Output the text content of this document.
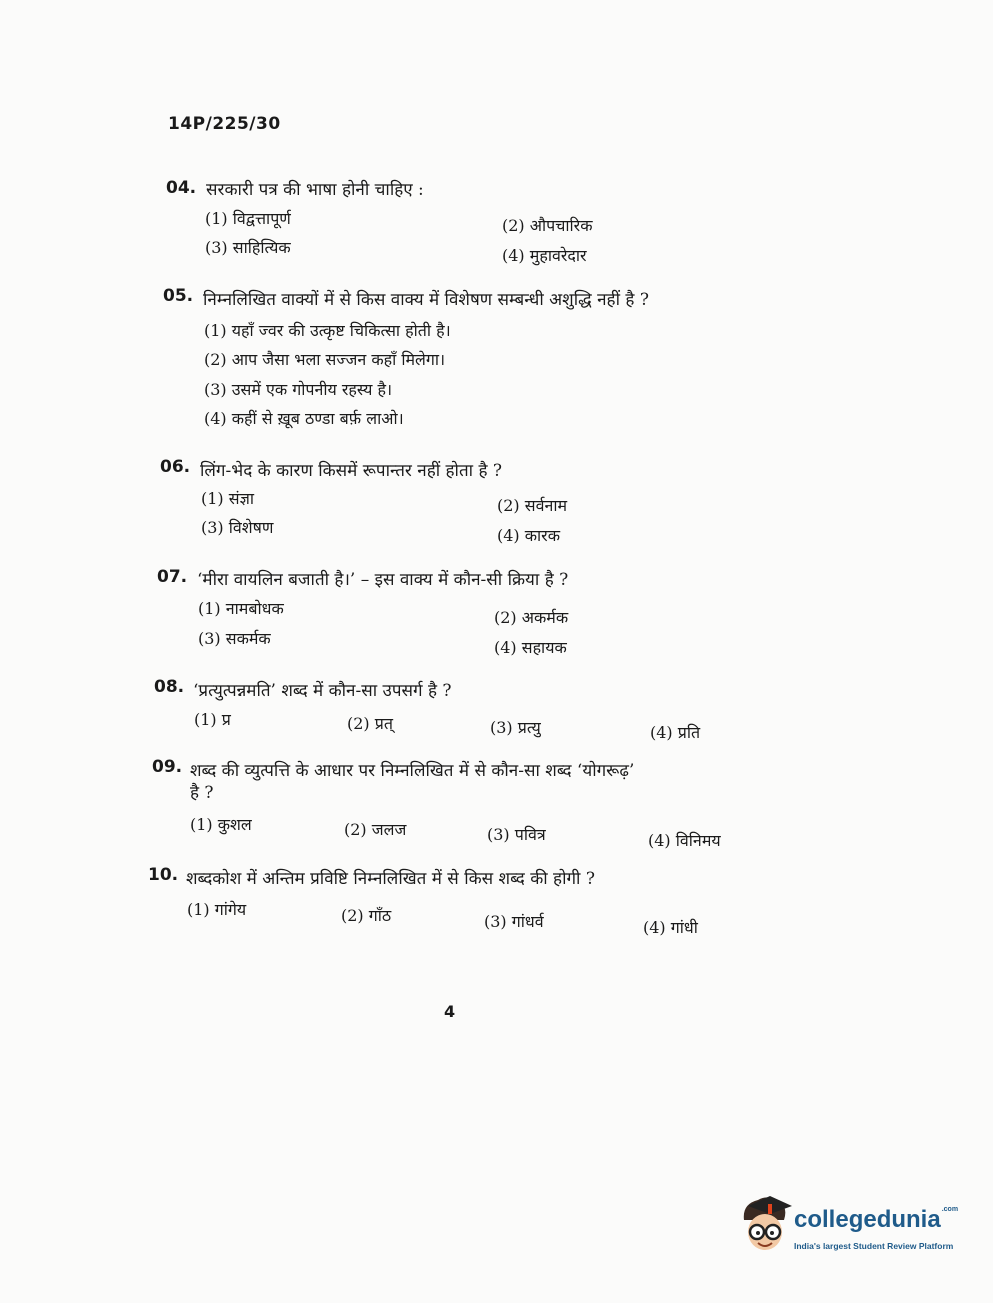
14P/225/30
04. सरकारी पत्र की भाषा होनी चाहिए :
(1) विद्वत्तापूर्ण	(2) औपचारिक
(3) साहित्यिक	(4) मुहावरेदार
05. निम्नलिखित वाक्यों में से किस वाक्य में विशेषण सम्बन्धी अशुद्धि नहीं है ?
(1) यहाँ ज्वर की उत्कृष्ट चिकित्सा होती है।
(2) आप जैसा भला सज्जन कहाँ मिलेगा।
(3) उसमें एक गोपनीय रहस्य है।
(4) कहीं से ख़ूब ठण्डा बर्फ़ लाओ।
06. लिंग-भेद के कारण किसमें रूपान्तर नहीं होता है ?
(1) संज्ञा	(2) सर्वनाम
(3) विशेषण	(4) कारक
07. ‘मीरा वायलिन बजाती है।’ – इस वाक्य में कौन-सी क्रिया है ?
(1) नामबोधक	(2) अकर्मक
(3) सकर्मक	(4) सहायक
08. ‘प्रत्युत्पन्नमति’ शब्द में कौन-सा उपसर्ग है ?
(1) प्र	(2) प्रत्	(3) प्रत्यु	(4) प्रति
09. शब्द की व्युत्पत्ति के आधार पर निम्नलिखित में से कौन-सा शब्द ‘योगरूढ़’
है ?
(1) कुशल	(2) जलज	(3) पवित्र	(4) विनिमय
10. शब्दकोश में अन्तिम प्रविष्टि निम्नलिखित में से किस शब्द की होगी ?
(1) गांगेय	(2) गाँठ	(3) गांधर्व	(4) गांधी
4
collegedunia$^{.com}$
India's largest Student Review Platform
